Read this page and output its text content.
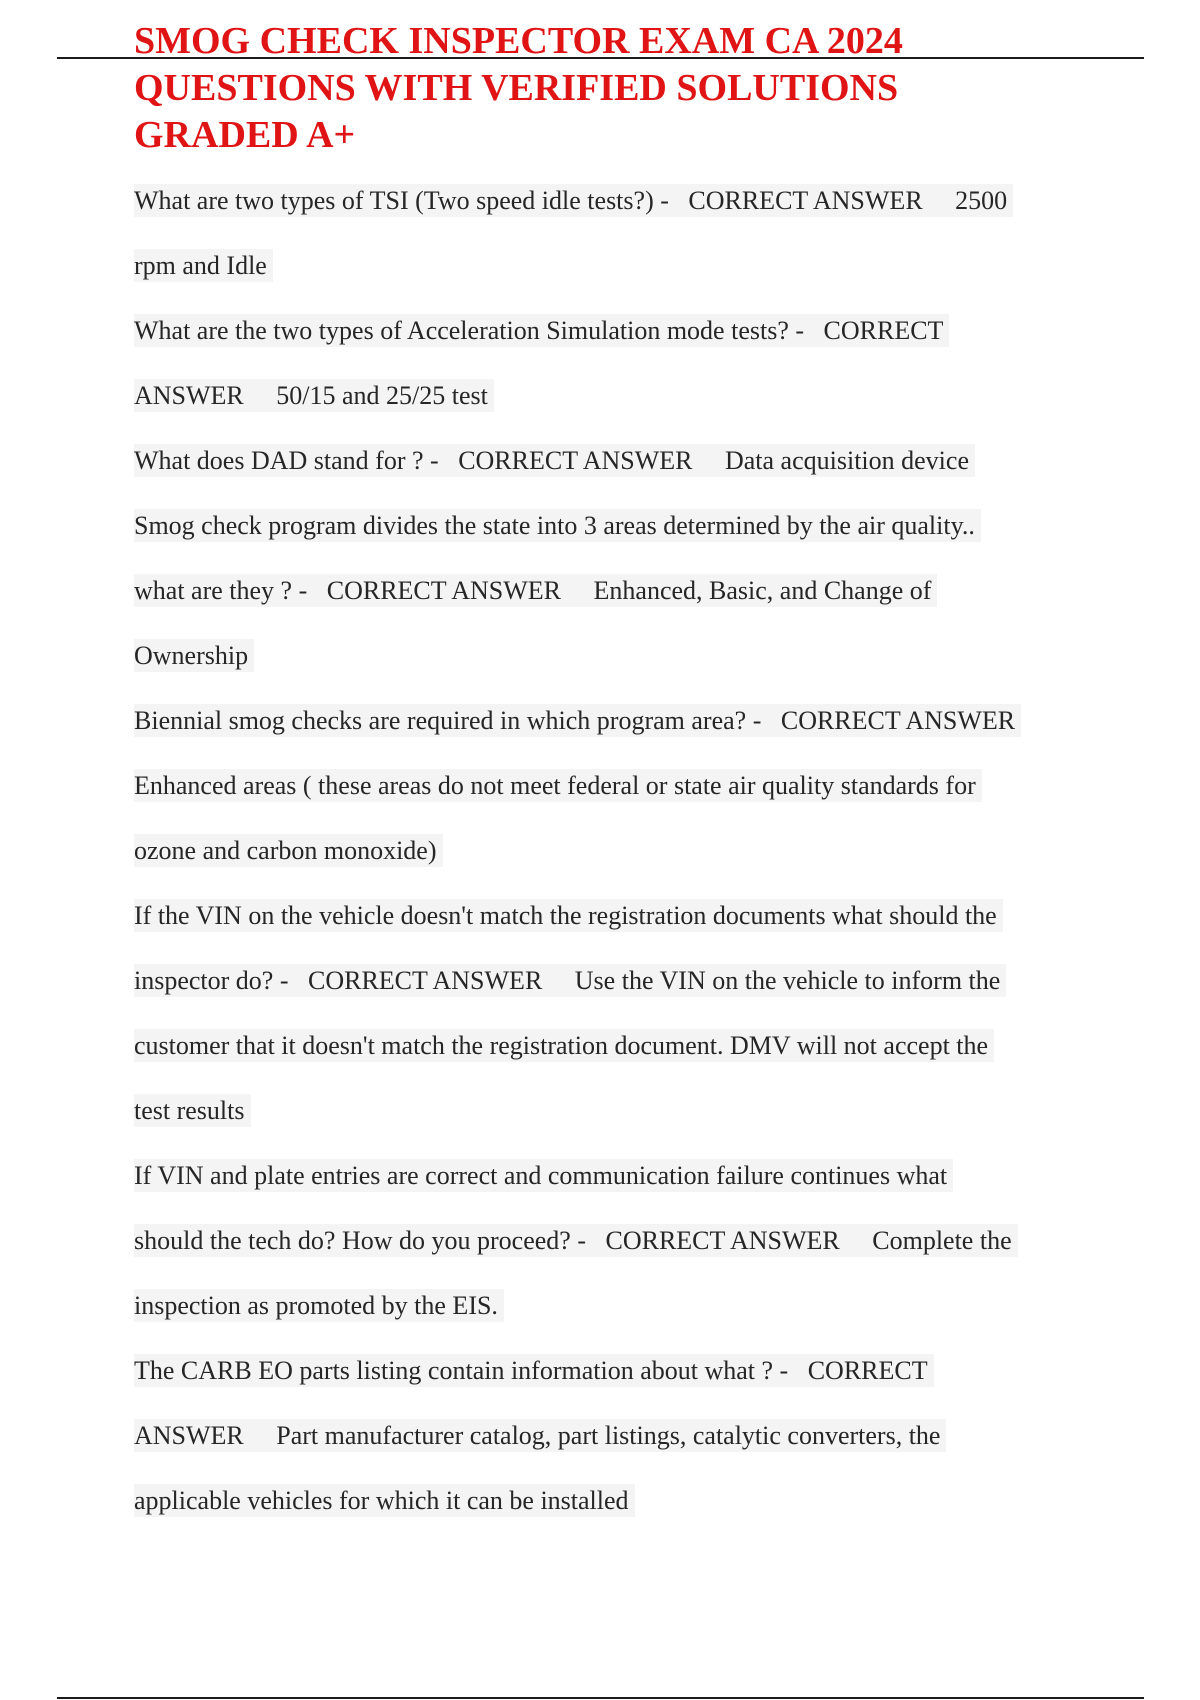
SMOG CHECK INSPECTOR EXAM CA 2024
QUESTIONS WITH VERIFIED SOLUTIONS
GRADED A+
What are two types of TSI (Two speed idle tests?) -   CORRECT ANSWER     2500
rpm and Idle
What are the two types of Acceleration Simulation mode tests? -   CORRECT
ANSWER     50/15 and 25/25 test
What does DAD stand for ? -   CORRECT ANSWER     Data acquisition device
Smog check program divides the state into 3 areas determined by the air quality..
what are they ? -   CORRECT ANSWER     Enhanced, Basic, and Change of
Ownership
Biennial smog checks are required in which program area? -   CORRECT ANSWER
Enhanced areas ( these areas do not meet federal or state air quality standards for
ozone and carbon monoxide)
If the VIN on the vehicle doesn't match the registration documents what should the
inspector do? -   CORRECT ANSWER     Use the VIN on the vehicle to inform the
customer that it doesn't match the registration document. DMV will not accept the
test results
If VIN and plate entries are correct and communication failure continues what
should the tech do? How do you proceed? -   CORRECT ANSWER     Complete the
inspection as promoted by the EIS.
The CARB EO parts listing contain information about what ? -   CORRECT
ANSWER     Part manufacturer catalog, part listings, catalytic converters, the
applicable vehicles for which it can be installed
